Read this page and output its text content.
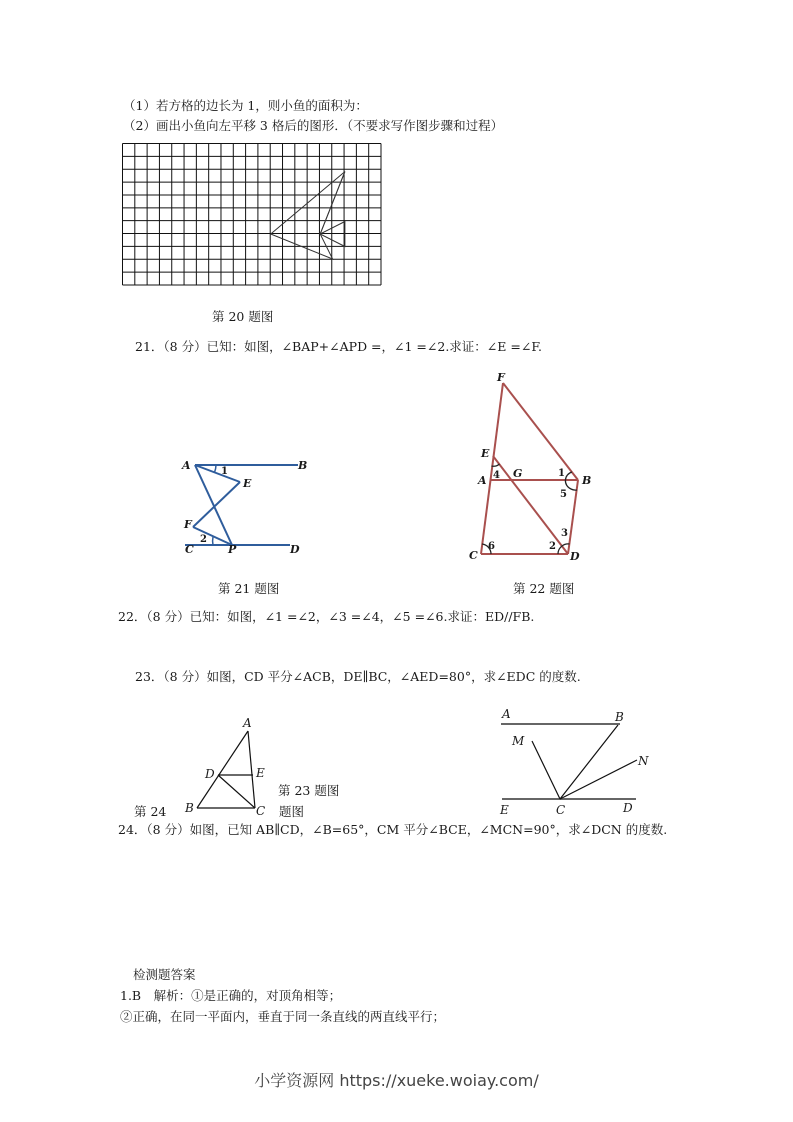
（1）若方格的边长为 1，则小鱼的面积为：
（2）画出小鱼向左平移 3 格后的图形．（不要求写作图步骤和过程）
第 20 题图
21．（8 分）已知：如图，∠BAP+∠APD =，∠1 =∠2.求证：∠E =∠F.
A	B
E
F
C	P	D
1
2
F
E
A
G
B
C	D
1
2
3
4
5
6
第 21 题图	第 22 题图
22．（8 分）已知：如图，∠1 =∠2，∠3 =∠4，∠5 =∠6.求证：ED//FB.
23．（8 分）如图，CD 平分∠ACB，DE∥BC，∠AED=80°，求∠EDC 的度数.
A
D	E
B	C
第 23 题图
第 24	题图
A	B
M
N
E	C	D
24．（8 分）如图，已知 AB∥CD，∠B=65°，CM 平分∠BCE，∠MCN=90°，求∠DCN 的度数.
检测题答案
1.B　解析：①是正确的，对顶角相等；
②正确，在同一平面内，垂直于同一条直线的两直线平行；
小学资源网 https://xueke.woiay.com/
